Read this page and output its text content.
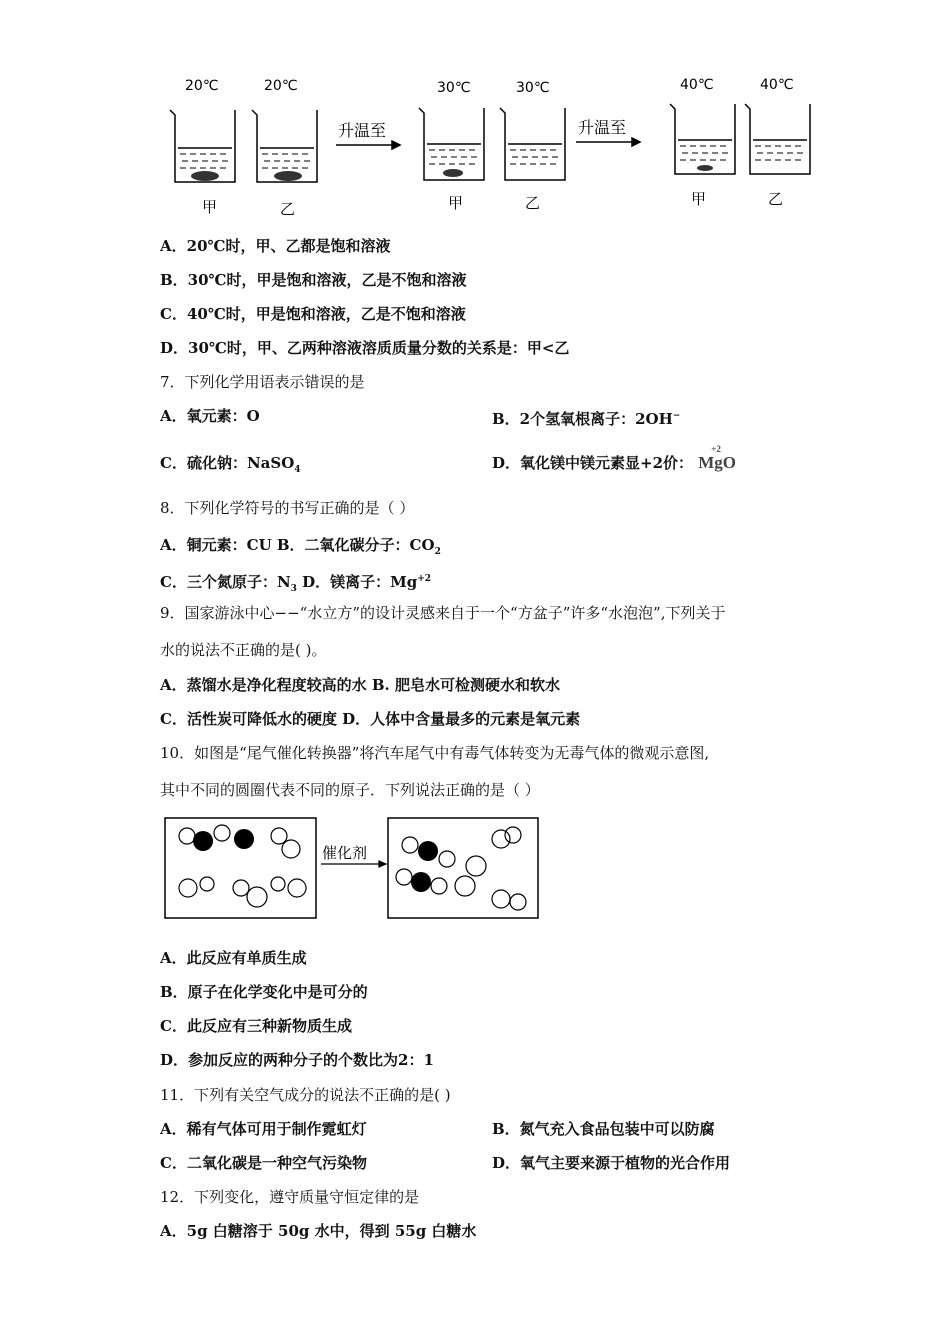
20℃	20℃	30℃	30℃	40℃	40℃
升温至	升温至
甲	乙	甲	乙	甲	乙
A．20℃时，甲、乙都是饱和溶液
B．30℃时，甲是饱和溶液，乙是不饱和溶液
C．40℃时，甲是饱和溶液，乙是不饱和溶液
D．30℃时，甲、乙两种溶液溶质质量分数的关系是：甲<乙
7．下列化学用语表示错误的是
A．氧元素：O	B．2个氢氧根离子：2OH−
C．硫化钠：NaSO$_4$	D．氧化镁中镁元素显+2价：
+2
MgO
8．下列化学符号的书写正确的是（ ）
A．铜元素：CU B．二氧化碳分子：$CO_2$
C．三个氮原子：$N_3$ D．镁离子：$Mg^{+2}$
9．国家游泳中心−−“水立方”的设计灵感来自于一个“方盆子”许多“水泡泡”,下列关于
水的说法不正确的是( )。
A．蒸馏水是净化程度较高的水 B. 肥皂水可检测硬水和软水
C．活性炭可降低水的硬度 D．人体中含量最多的元素是氧元素
10．如图是“尾气催化转换器”将汽车尾气中有毒气体转变为无毒气体的微观示意图,
其中不同的圆圈代表不同的原子．下列说法正确的是（ ）
催化剂
A．此反应有单质生成
B．原子在化学变化中是可分的
C．此反应有三种新物质生成
D．参加反应的两种分子的个数比为2：1
11．下列有关空气成分的说法不正确的是( )
A．稀有气体可用于制作霓虹灯	B．氮气充入食品包装中可以防腐
C．二氧化碳是一种空气污染物	D．氧气主要来源于植物的光合作用
12．下列变化，遵守质量守恒定律的是
A．5g 白糖溶于 50g 水中，得到 55g 白糖水
